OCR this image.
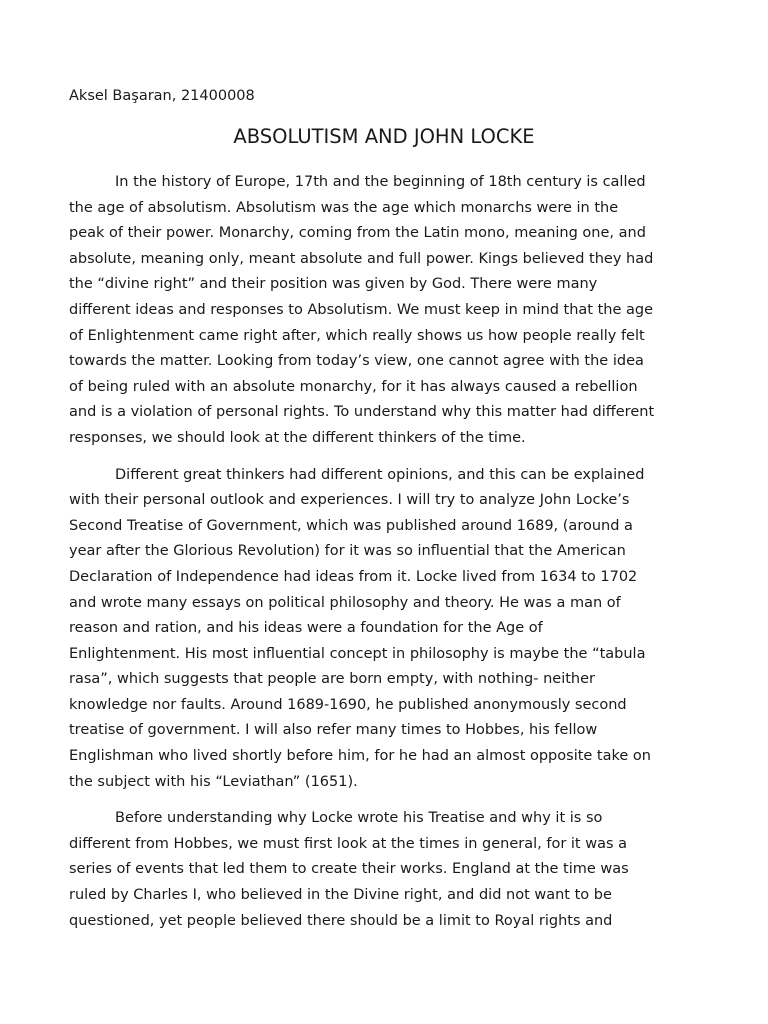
Aksel Başaran, 21400008
ABSOLUTISM AND JOHN LOCKE

In the history of Europe, 17th and the beginning of 18th century is called
the age of absolutism. Absolutism was the age which monarchs were in the
peak of their power. Monarchy, coming from the Latin mono, meaning one, and
absolute, meaning only, meant absolute and full power. Kings believed they had
the “divine right” and their position was given by God. There were many
different ideas and responses to Absolutism. We must keep in mind that the age
of Enlightenment came right after, which really shows us how people really felt
towards the matter. Looking from today’s view, one cannot agree with the idea
of being ruled with an absolute monarchy, for it has always caused a rebellion
and is a violation of personal rights. To understand why this matter had different
responses, we should look at the different thinkers of the time.

Different great thinkers had different opinions, and this can be explained
with their personal outlook and experiences. I will try to analyze John Locke’s
Second Treatise of Government, which was published around 1689, (around a
year after the Glorious Revolution) for it was so influential that the American
Declaration of Independence had ideas from it. Locke lived from 1634 to 1702
and wrote many essays on political philosophy and theory. He was a man of
reason and ration, and his ideas were a foundation for the Age of
Enlightenment. His most influential concept in philosophy is maybe the “tabula
rasa”, which suggests that people are born empty, with nothing- neither
knowledge nor faults. Around 1689-1690, he published anonymously second
treatise of government. I will also refer many times to Hobbes, his fellow
Englishman who lived shortly before him, for he had an almost opposite take on
the subject with his “Leviathan” (1651).

Before understanding why Locke wrote his Treatise and why it is so
different from Hobbes, we must first look at the times in general, for it was a
series of events that led them to create their works. England at the time was
ruled by Charles I, who believed in the Divine right, and did not want to be
questioned, yet people believed there should be a limit to Royal rights and
